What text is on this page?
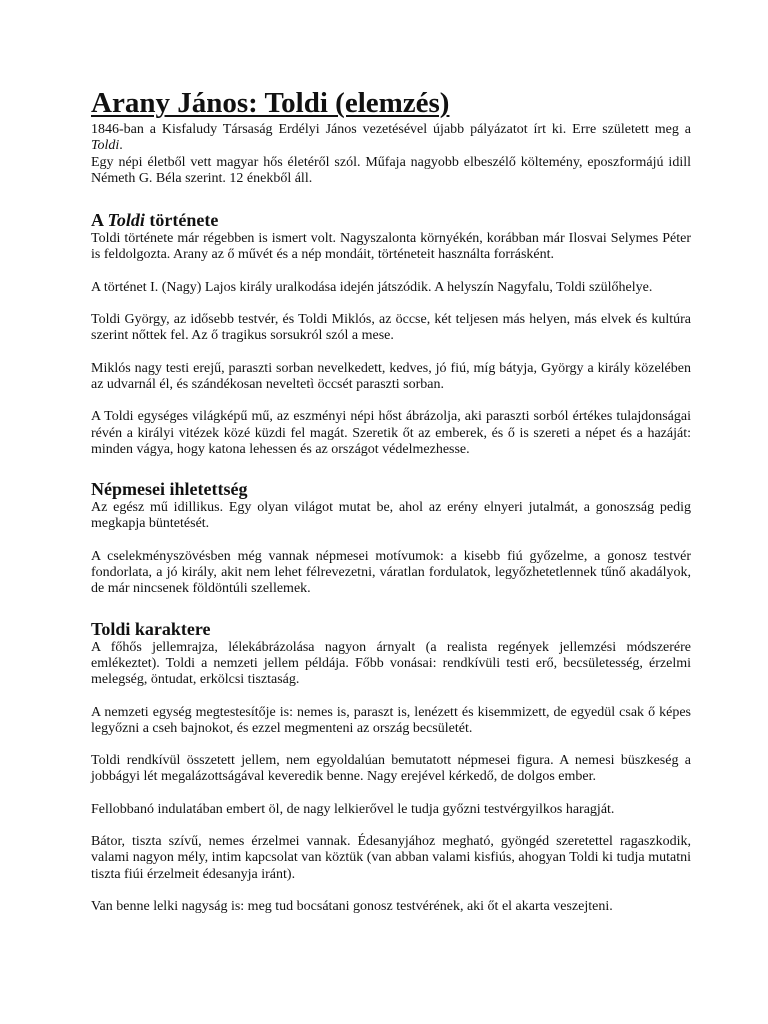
Arany János: Toldi (elemzés)

1846-ban a Kisfaludy Társaság Erdélyi János vezetésével újabb pályázatot írt ki. Erre született meg a Toldi.

Egy népi életből vett magyar hős életéről szól. Műfaja nagyobb elbeszélő költemény, eposzformájú idill Németh G. Béla szerint. 12 énekből áll.

A Toldi története

Toldi története már régebben is ismert volt. Nagyszalonta környékén, korábban már Ilosvai Selymes Péter is feldolgozta. Arany az ő művét és a nép mondáit, történeteit használta forrásként.

A történet I. (Nagy) Lajos király uralkodása idején játszódik. A helyszín Nagyfalu, Toldi szülőhelye.

Toldi György, az idősebb testvér, és Toldi Miklós, az öccse, két teljesen más helyen, más elvek és kultúra szerint nőttek fel. Az ő tragikus sorsukról szól a mese.

Miklós nagy testi erejű, paraszti sorban nevelkedett, kedves, jó fiú, míg bátyja, György a király közelében az udvarnál él, és szándékosan neveltetì öccsét paraszti sorban.

A Toldi egységes világképű mű, az eszményi népi hőst ábrázolja, aki paraszti sorból értékes tulajdonságai révén a királyi vitézek közé küzdi fel magát. Szeretik őt az emberek, és ő is szereti a népet és a hazáját: minden vágya, hogy katona lehessen és az országot védelmezhesse.

Népmesei ihletettség

Az egész mű idillikus. Egy olyan világot mutat be, ahol az erény elnyeri jutalmát, a gonoszság pedig megkapja büntetését.

A cselekményszövésben még vannak népmesei motívumok: a kisebb fiú győzelme, a gonosz testvér fondorlata, a jó király, akit nem lehet félrevezetni, váratlan fordulatok, legyőzhetetlennek tűnő akadályok, de már nincsenek földöntúli szellemek.

Toldi karaktere

A főhős jellemrajza, lélekábrázolása nagyon árnyalt (a realista regények jellemzési módszerére emlékeztet). Toldi a nemzeti jellem példája. Főbb vonásai: rendkívüli testi erő, becsületesség, érzelmi melegség, öntudat, erkölcsi tisztaság.

A nemzeti egység megtestesítője is: nemes is, paraszt is, lenézett és kisemmizett, de egyedül csak ő képes legyőzni a cseh bajnokot, és ezzel megmenteni az ország becsületét.

Toldi rendkívül összetett jellem, nem egyoldalúan bemutatott népmesei figura. A nemesi büszkeség a jobbágyi lét megalázottságával keveredik benne. Nagy erejével kérkedő, de dolgos ember.

Fellobbanó indulatában embert öl, de nagy lelkierővel le tudja győzni testvérgyilkos haragját.

Bátor, tiszta szívű, nemes érzelmei vannak. Édesanyjához megható, gyöngéd szeretettel ragaszkodik, valami nagyon mély, intim kapcsolat van köztük (van abban valami kisfiús, ahogyan Toldi ki tudja mutatni tiszta fiúi érzelmeit édesanyja iránt).

Van benne lelki nagyság is: meg tud bocsátani gonosz testvérének, aki őt el akarta veszejteni.
